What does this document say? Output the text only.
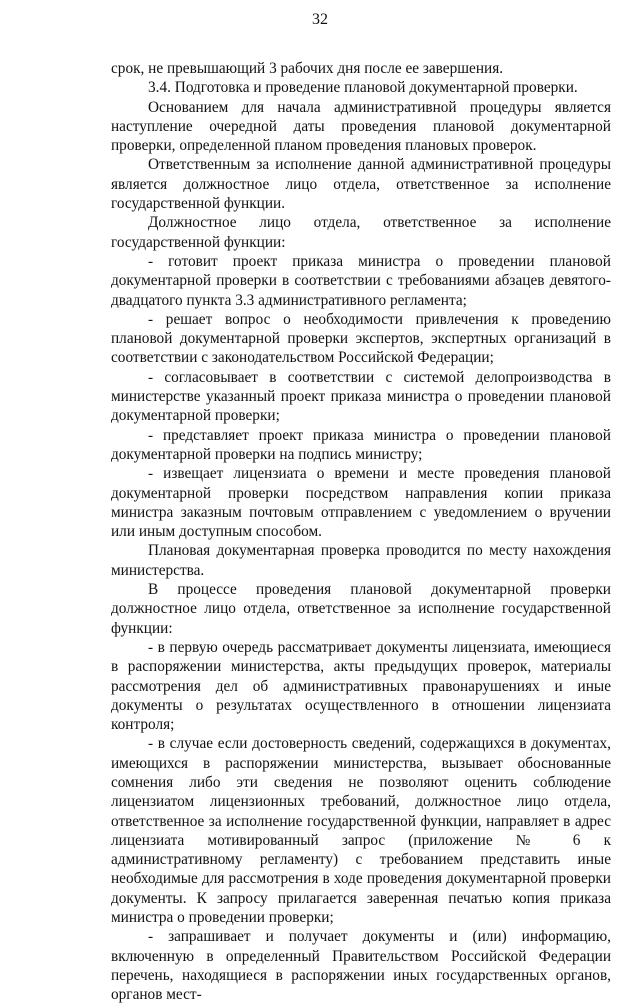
32

срок, не превышающий 3 рабочих дня после ее завершения.

3.4. Подготовка и проведение плановой документарной проверки.

Основанием для начала административной процедуры является наступление очередной даты проведения плановой документарной проверки, определенной планом проведения плановых проверок.

Ответственным за исполнение данной административной процедуры является должностное лицо отдела, ответственное за исполнение государственной функции.

Должностное лицо отдела, ответственное за исполнение государственной функции:

- готовит проект приказа министра о проведении плановой документарной проверки в соответствии с требованиями абзацев девятого-двадцатого пункта 3.3 административного регламента;

- решает вопрос о необходимости привлечения к проведению плановой документарной проверки экспертов, экспертных организаций в соответствии с законодательством Российской Федерации;

- согласовывает в соответствии с системой делопроизводства в министерстве указанный проект приказа министра о проведении плановой документарной проверки;

- представляет проект приказа министра о проведении плановой документарной проверки на подпись министру;

- извещает лицензиата о времени и месте проведения плановой документарной проверки посредством направления копии приказа министра заказным почтовым отправлением с уведомлением о вручении или иным доступным способом.

Плановая документарная проверка проводится по месту нахождения министерства.

В процессе проведения плановой документарной проверки должностное лицо отдела, ответственное за исполнение государственной функции:

- в первую очередь рассматривает документы лицензиата, имеющиеся в распоряжении министерства, акты предыдущих проверок, материалы рассмотрения дел об административных правонарушениях и иные документы о результатах осуществленного в отношении лицензиата контроля;

- в случае если достоверность сведений, содержащихся в документах, имеющихся в распоряжении министерства, вызывает обоснованные сомнения либо эти сведения не позволяют оценить соблюдение лицензиатом лицензионных требований, должностное лицо отдела, ответственное за исполнение государственной функции, направляет в адрес лицензиата мотивированный запрос (приложение № 6 к административному регламенту) с требованием представить иные необходимые для рассмотрения в ходе проведения документарной проверки документы. К запросу прилагается заверенная печатью копия приказа министра о проведении проверки;

- запрашивает и получает документы и (или) информацию, включенную в определенный Правительством Российской Федерации перечень, находящиеся в распоряжении иных государственных органов, органов мест-
